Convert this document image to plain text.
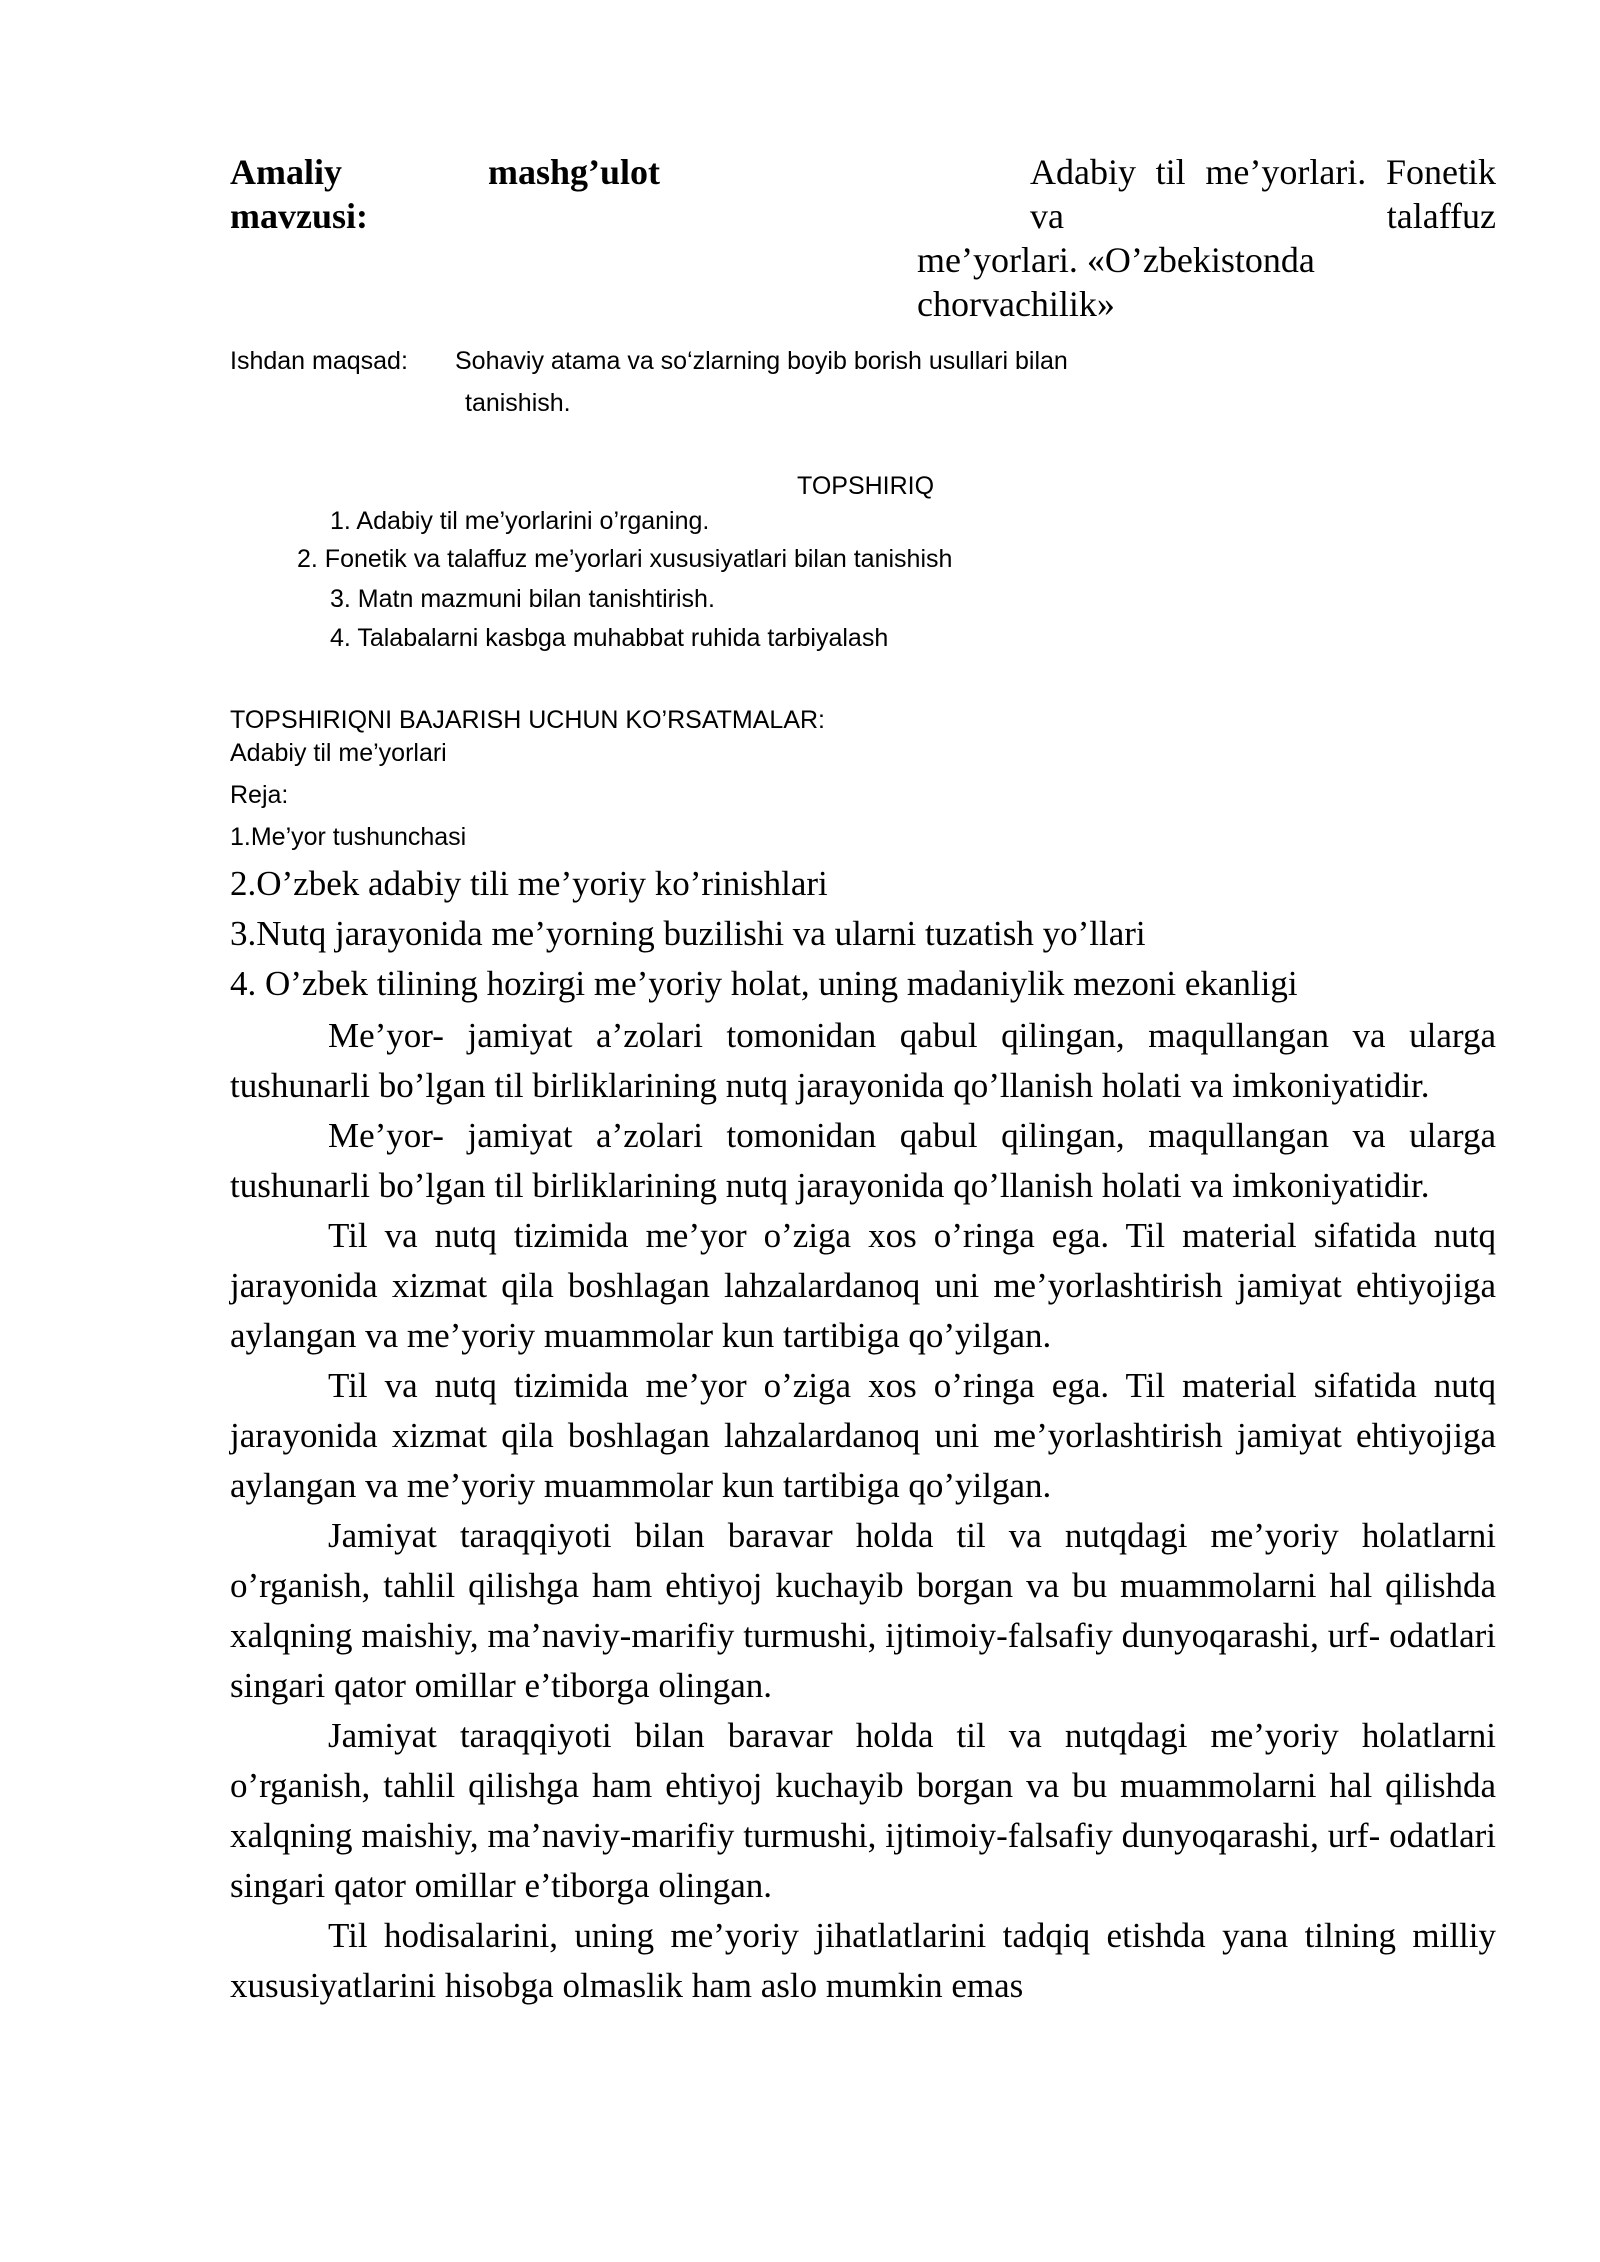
Amaliy	mashg’ulot
mavzusi:
Adabiy til me’yorlari. Fonetik va talaffuz
me’yorlari. «O’zbekistonda chorvachilik»
Ishdan maqsad: Sohaviy atama va so‘zlarning boyib borish usullari bilan
tanishish.
TOPSHIRIQ
1. Adabiy til me’yorlarini o’rganing.
2. Fonetik va talaffuz me’yorlari xususiyatlari bilan tanishish
3. Matn mazmuni bilan tanishtirish.
4. Talabalarni kasbga muhabbat ruhida tarbiyalash
TOPSHIRIQNI BAJARISH UCHUN KO’RSATMALAR:
Adabiy til me’yorlari
Reja:
1.Me’yor tushunchasi
2.O’zbek adabiy tili me’yoriy ko’rinishlari
3.Nutq jarayonida me’yorning buzilishi va ularni tuzatish yo’llari
4. O’zbek tilining hozirgi me’yoriy holat, uning madaniylik mezoni ekanligi

Me’yor- jamiyat a’zolari tomonidan qabul qilingan, maqullangan va ularga tushunarli bo’lgan til birliklarining nutq jarayonida qo’llanish holati va imkoniyatidir.

Me’yor- jamiyat a’zolari tomonidan qabul qilingan, maqullangan va ularga tushunarli bo’lgan til birliklarining nutq jarayonida qo’llanish holati va imkoniyatidir.

Til va nutq tizimida me’yor o’ziga xos o’ringa ega. Til material sifatida nutq jarayonida xizmat qila boshlagan lahzalardanoq uni me’yorlashtirish jamiyat ehtiyojiga aylangan va me’yoriy muammolar kun tartibiga qo’yilgan.

Til va nutq tizimida me’yor o’ziga xos o’ringa ega. Til material sifatida nutq jarayonida xizmat qila boshlagan lahzalardanoq uni me’yorlashtirish jamiyat ehtiyojiga aylangan va me’yoriy muammolar kun tartibiga qo’yilgan.

Jamiyat taraqqiyoti bilan baravar holda til va nutqdagi me’yoriy holatlarni o’rganish, tahlil qilishga ham ehtiyoj kuchayib borgan va bu muammolarni hal qilishda xalqning maishiy, ma’naviy-marifiy turmushi, ijtimoiy-falsafiy dunyoqarashi, urf- odatlari singari qator omillar e’tiborga olingan.

Jamiyat taraqqiyoti bilan baravar holda til va nutqdagi me’yoriy holatlarni o’rganish, tahlil qilishga ham ehtiyoj kuchayib borgan va bu muammolarni hal qilishda xalqning maishiy, ma’naviy-marifiy turmushi, ijtimoiy-falsafiy dunyoqarashi, urf- odatlari singari qator omillar e’tiborga olingan.

Til hodisalarini, uning me’yoriy jihatlatlarini tadqiq etishda yana tilning milliy xususiyatlarini hisobga olmaslik ham aslo mumkin emas
